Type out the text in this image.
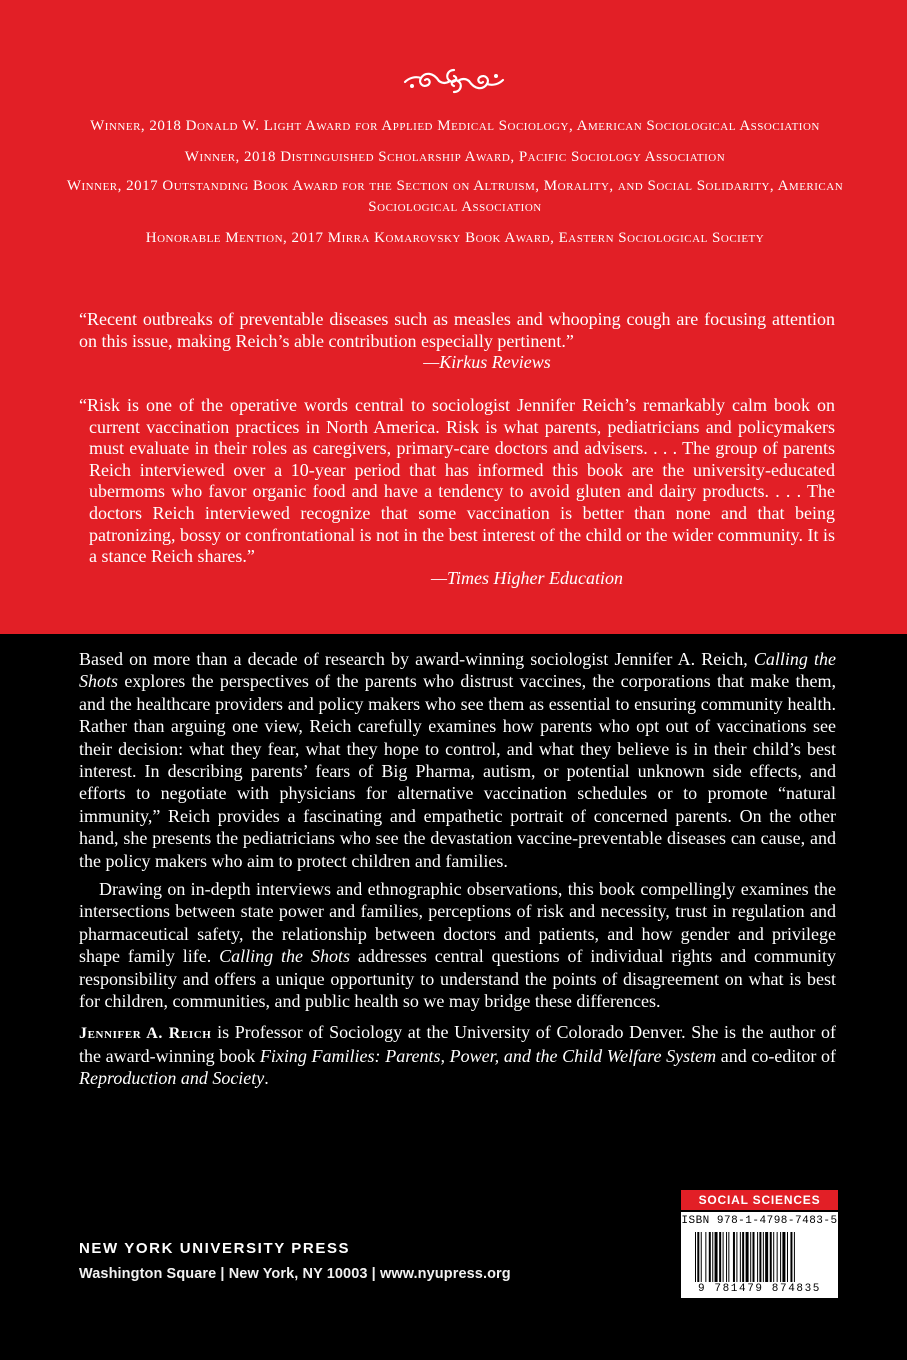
Winner, 2018 Donald W. Light Award for Applied Medical Sociology, American Sociological Association

Winner, 2018 Distinguished Scholarship Award, Pacific Sociology Association

Winner, 2017 Outstanding Book Award for the Section on Altruism, Morality, and Social Solidarity, American Sociological Association

Honorable Mention, 2017 Mirra Komarovsky Book Award, Eastern Sociological Society

“Recent outbreaks of preventable diseases such as measles and whooping cough are focusing attention on this issue, making Reich’s able contribution especially pertinent.”

—Kirkus Reviews

“Risk is one of the operative words central to sociologist Jennifer Reich’s remarkably calm book on current vaccination practices in North America. Risk is what parents, pediatricians and policymakers must evaluate in their roles as caregivers, primary-care doctors and advisers. . . . The group of parents Reich interviewed over a 10-year period that has informed this book are the university-educated ubermoms who favor organic food and have a tendency to avoid gluten and dairy products. . . . The doctors Reich interviewed recognize that some vaccination is better than none and that being patronizing, bossy or confrontational is not in the best interest of the child or the wider community. It is a stance Reich shares.”

—Times Higher Education

Based on more than a decade of research by award-winning sociologist Jennifer A. Reich, Calling the Shots explores the perspectives of the parents who distrust vaccines, the corporations that make them, and the healthcare providers and policy makers who see them as essential to ensuring community health. Rather than arguing one view, Reich carefully examines how parents who opt out of vaccinations see their decision: what they fear, what they hope to control, and what they believe is in their child’s best interest. In describing parents’ fears of Big Pharma, autism, or potential unknown side effects, and efforts to negotiate with physicians for alternative vaccination schedules or to promote “natural immunity,” Reich provides a fascinating and empathetic portrait of concerned parents. On the other hand, she presents the pediatricians who see the devastation vaccine-preventable diseases can cause, and the policy makers who aim to protect children and families.

Drawing on in-depth interviews and ethnographic observations, this book compellingly examines the intersections between state power and families, perceptions of risk and necessity, trust in regulation and pharmaceutical safety, the relationship between doctors and patients, and how gender and privilege shape family life. Calling the Shots addresses central questions of individual rights and community responsibility and offers a unique opportunity to understand the points of disagreement on what is best for children, communities, and public health so we may bridge these differences.

Jennifer A. Reich is Professor of Sociology at the University of Colorado Denver. She is the author of the award-winning book Fixing Families: Parents, Power, and the Child Welfare System and co-editor of Reproduction and Society.

NEW YORK UNIVERSITY PRESS
Washington Square | New York, NY 10003 | www.nyupress.org
SOCIAL SCIENCES
ISBN 978-1-4798-7483-5
9 781479 874835
